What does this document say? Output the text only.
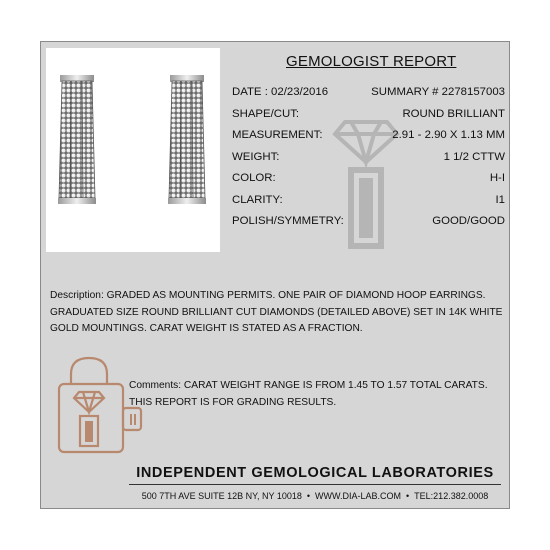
GEMOLOGIST REPORT
DATE : 02/23/2016	SUMMARY # 2278157003
SHAPE/CUT:	ROUND BRILLIANT
MEASUREMENT:	2.91 - 2.90 X 1.13 MM
WEIGHT:	1 1/2 CTTW
COLOR:	H-I
CLARITY:	I1
POLISH/SYMMETRY:	GOOD/GOOD
Description: GRADED AS MOUNTING PERMITS. ONE PAIR OF DIAMOND HOOP EARRINGS. GRADUATED SIZE ROUND BRILLIANT CUT DIAMONDS (DETAILED ABOVE) SET IN 14K WHITE GOLD MOUNTINGS. CARAT WEIGHT IS STATED AS A FRACTION.
Comments: CARAT WEIGHT RANGE IS FROM 1.45 TO 1.57 TOTAL CARATS. THIS REPORT IS FOR GRADING RESULTS.
INDEPENDENT GEMOLOGICAL LABORATORIES
500 7TH AVE SUITE 12B NY, NY 10018 • WWW.DIA-LAB.COM • TEL:212.382.0008
